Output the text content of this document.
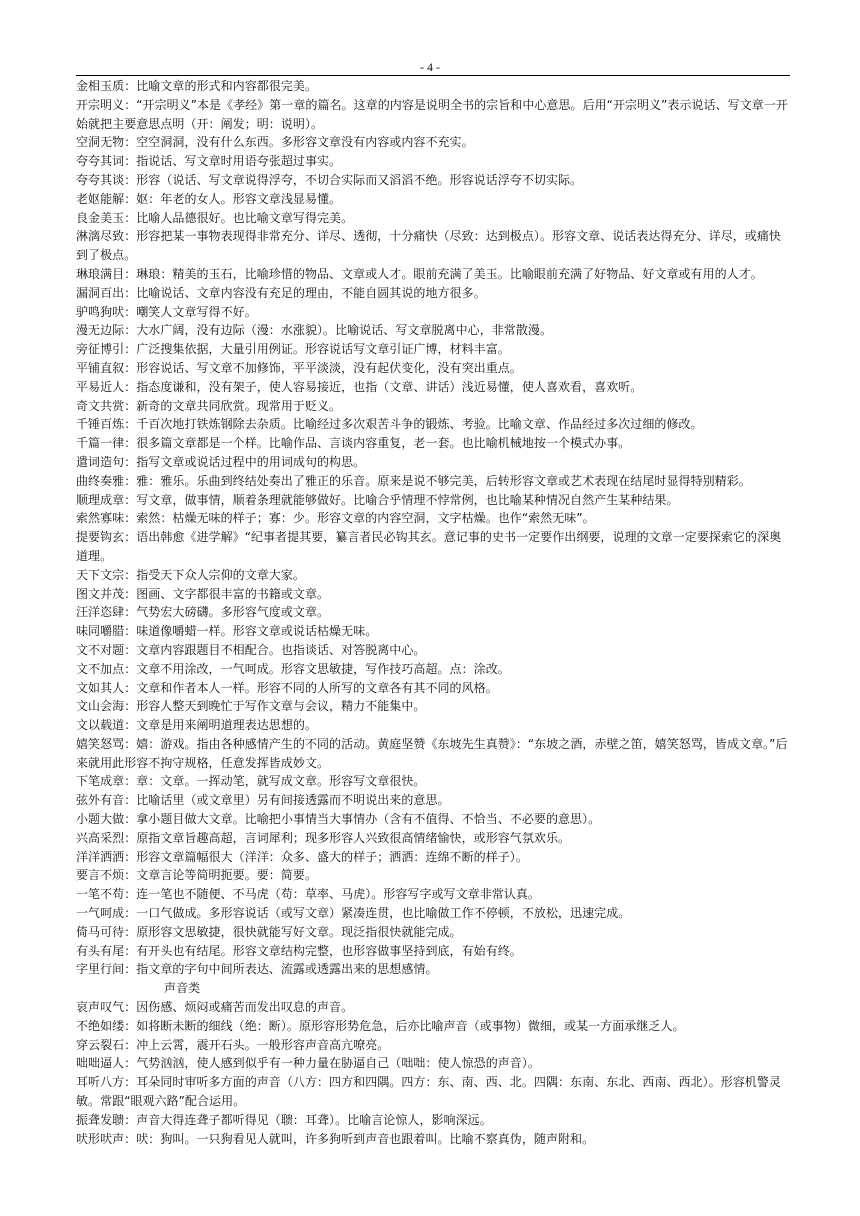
- 4 -

金相玉质：比喻文章的形式和内容都很完美。

开宗明义：“开宗明义”本是《孝经》第一章的篇名。这章的内容是说明全书的宗旨和中心意思。后用“开宗明义”表示说话、写文章一开始就把主要意思点明（开：阐发；明：说明）。

空洞无物：空空洞洞，没有什么东西。多形容文章没有内容或内容不充实。

夸夸其词：指说话、写文章时用语夸张超过事实。

夸夸其谈：形容（说话、写文章说得浮夸，不切合实际而又滔滔不绝。形容说话浮夸不切实际。

老妪能解：妪：年老的女人。形容文章浅显易懂。

良金美玉：比喻人品德很好。也比喻文章写得完美。

淋漓尽致：形容把某一事物表现得非常充分、详尽、透彻，十分痛快（尽致：达到极点）。形容文章、说话表达得充分、详尽，或痛快到了极点。

琳琅满目：琳琅：精美的玉石，比喻珍惜的物品、文章或人才。眼前充满了美玉。比喻眼前充满了好物品、好文章或有用的人才。

漏洞百出：比喻说话、文章内容没有充足的理由，不能自圆其说的地方很多。

驴鸣狗吠：嘲笑人文章写得不好。

漫无边际：大水广阔，没有边际（漫：水涨貌）。比喻说话、写文章脱离中心，非常散漫。

旁征博引：广泛搜集依据，大量引用例证。形容说话写文章引证广博，材料丰富。

平铺直叙：形容说话、写文章不加修饰，平平淡淡，没有起伏变化，没有突出重点。

平易近人：指态度谦和，没有架子，使人容易接近，也指（文章、讲话）浅近易懂，使人喜欢看，喜欢听。

奇文共赏：新奇的文章共同欣赏。现常用于贬义。

千锤百炼：千百次地打铁炼钢除去杂质。比喻经过多次艰苦斗争的锻炼、考验。比喻文章、作品经过多次过细的修改。

千篇一律：很多篇文章都是一个样。比喻作品、言谈内容重复，老一套。也比喻机械地按一个模式办事。

遣词造句：指写文章或说话过程中的用词成句的构思。

曲终奏雅：雅：雅乐。乐曲到终结处奏出了雅正的乐音。原来是说不够完美，后转形容文章或艺术表现在结尾时显得特别精彩。

顺理成章：写文章，做事情，顺着条理就能够做好。比喻合乎情理不悖常例，也比喻某种情况自然产生某种结果。

索然寡味：索然：枯燥无味的样子；寡：少。形容文章的内容空洞，文字枯燥。也作“索然无味”。

提要钩玄：语出韩愈《进学解》“纪事者提其要，纂言者民必钩其玄。意记事的史书一定要作出纲要，说理的文章一定要探索它的深奥道理。

天下文宗：指受天下众人宗仰的文章大家。

图文并茂：图画、文字都很丰富的书籍或文章。

汪洋恣肆：气势宏大磅礴。多形容气度或文章。

味同嚼腊：味道像嚼蜡一样。形容文章或说话枯燥无味。

文不对题：文章内容跟题目不相配合。也指谈话、对答脱离中心。

文不加点：文章不用涂改，一气呵成。形容文思敏捷，写作技巧高超。点：涂改。

文如其人：文章和作者本人一样。形容不同的人所写的文章各有其不同的风格。

文山会海：形容人整天到晚忙于写作文章与会议，精力不能集中。

文以载道：文章是用来阐明道理表达思想的。

嬉笑怒骂：嬉：游戏。指由各种感情产生的不同的活动。黄庭坚赞《东坡先生真赞》：“东坡之酒，赤壁之笛，嬉笑怒骂，皆成文章。”后来就用此形容不拘守规格，任意发挥皆成妙文。

下笔成章：章：文章。一挥动笔，就写成文章。形容写文章很快。

弦外有音：比喻话里（或文章里）另有间接透露而不明说出来的意思。

小题大做：拿小题目做大文章。比喻把小事情当大事情办（含有不值得、不恰当、不必要的意思）。

兴高采烈：原指文章旨趣高超，言词犀利；现多形容人兴致很高情绪愉快，或形容气氛欢乐。

洋洋洒洒：形容文章篇幅很大（洋洋：众多、盛大的样子；洒洒：连绵不断的样子）。

要言不烦：文章言论等简明扼要。要：简要。

一笔不苟：连一笔也不随便、不马虎（苟：草率、马虎）。形容写字或写文章非常认真。

一气呵成：一口气做成。多形容说话（或写文章）紧凑连贯，也比喻做工作不停顿，不放松，迅速完成。

倚马可待：原形容文思敏捷，很快就能写好文章。现泛指很快就能完成。

有头有尾：有开头也有结尾。形容文章结构完整，也形容做事坚持到底，有始有终。

字里行间：指文章的字句中间所表达、流露或透露出来的思想感情。

声音类

哀声叹气：因伤感、烦闷或痛苦而发出叹息的声音。

不绝如缕：如将断未断的细线（绝：断）。原形容形势危急，后亦比喻声音（或事物）微细，或某一方面承继乏人。

穿云裂石：冲上云霄，震开石头。一般形容声音高亢嘹亮。

咄咄逼人：气势汹汹，使人感到似乎有一种力量在胁逼自己（咄咄：使人惊恐的声音）。

耳听八方：耳朵同时审听多方面的声音（八方：四方和四隅。四方：东、南、西、北。四隅：东南、东北、西南、西北）。形容机警灵敏。常跟“眼观六路”配合运用。

振聋发聩：声音大得连聋子都听得见（聩：耳聋）。比喻言论惊人，影响深远。

吠形吠声：吠：狗叫。一只狗看见人就叫，许多狗听到声音也跟着叫。比喻不察真伪，随声附和。
